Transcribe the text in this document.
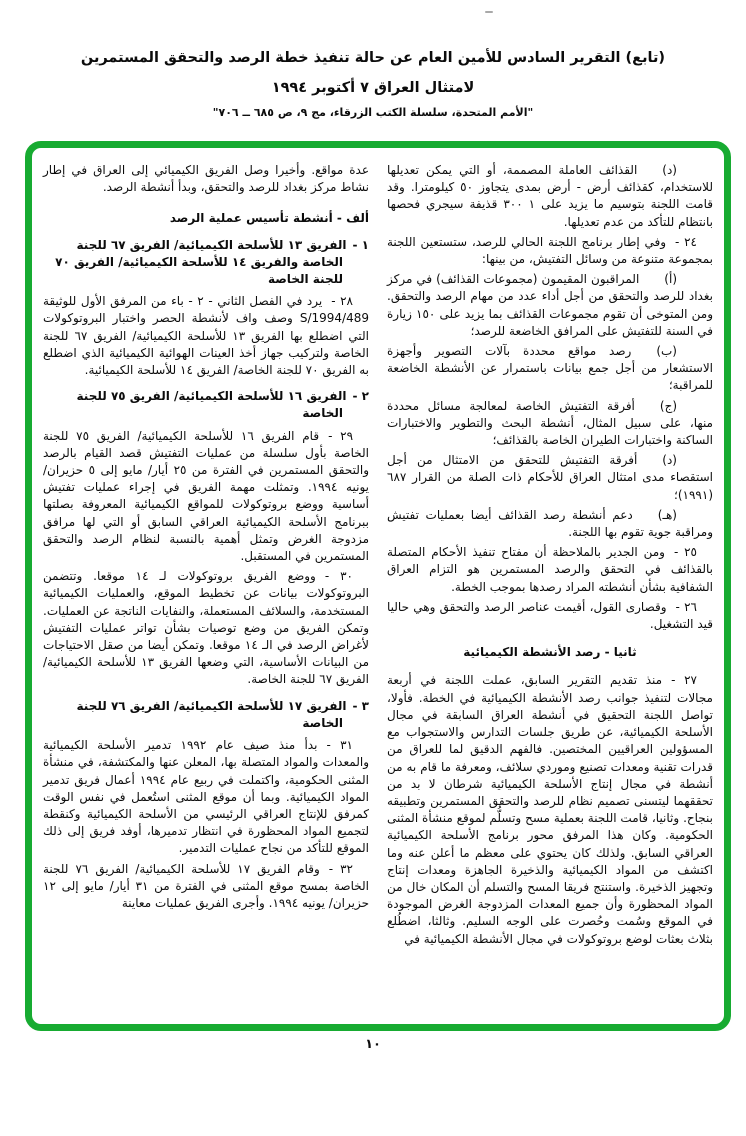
(تابع) التقرير السادس للأمين العام عن حالة تنفيذ خطة الرصد والتحقق المستمرين
لامتثال العراق ٧ أكتوبر ١٩٩٤
"الأمم المتحدة، سلسلة الكتب الزرقاء، مج ٩، ص ٦٨٥ ــ ٧٠٦"
(د)القذائف العاملة المصممة، أو التي يمكن تعديلها للاستخدام، كقذائف أرض - أرض بمدى يتجاوز ٥٠ كيلومترا. وقد قامت اللجنة بتوسيم ما يزيد على ١ ٣٠٠ قذيفة سيجري فحصها بانتظام للتأكد من عدم تعديلها.
٢٤ -وفي إطار برنامج اللجنة الحالي للرصد، ستستعين اللجنة بمجموعة متنوعة من وسائل التفتيش، من بينها:
(أ)المراقبون المقيمون (مجموعات القذائف) في مركز بغداد للرصد والتحقق من أجل أداء عدد من مهام الرصد والتحقق. ومن المتوخى أن تقوم مجموعات القذائف بما يزيد على ١٥٠ زيارة في السنة للتفتيش على المرافق الخاضعة للرصد؛
(ب)رصد مواقع محددة بآلات التصوير وأجهزة الاستشعار من أجل جمع بيانات باستمرار عن الأنشطة الخاضعة للمراقبة؛
(ج)أفرقة التفتيش الخاصة لمعالجة مسائل محددة منها، على سبيل المثال، أنشطة البحث والتطوير والاختبارات الساكنة واختبارات الطيران الخاصة بالقذائف؛
(د)أفرقة التفتيش للتحقق من الامتثال من أجل استقصاء مدى امتثال العراق للأحكام ذات الصلة من القرار ٦٨٧ (١٩٩١)؛
(هـ)دعم أنشطة رصد القذائف أيضا بعمليات تفتيش ومراقبة جوية تقوم بها اللجنة.
٢٥ -ومن الجدير بالملاحظة أن مفتاح تنفيذ الأحكام المتصلة بالقذائف في التحقق والرصد المستمرين هو التزام العراق الشفافية بشأن أنشطته المراد رصدها بموجب الخطة.
٢٦ -وقصارى القول، أقيمت عناصر الرصد والتحقق وهي حاليا قيد التشغيل.
ثانيا - رصد الأنشطة الكيميائية
٢٧ -منذ تقديم التقرير السابق، عملت اللجنة في أربعة مجالات لتنفيذ جوانب رصد الأنشطة الكيميائية في الخطة. فأولا، تواصل اللجنة التحقيق في أنشطة العراق السابقة في مجال الأسلحة الكيميائية، عن طريق جلسات التدارس والاستجواب مع المسؤولين العراقيين المختصين. فالفهم الدقيق لما للعراق من قدرات تقنية ومعدات تصنيع وموردي سلائف، ومعرفة ما قام به من أنشطة في مجال إنتاج الأسلحة الكيميائية شرطان لا بد من تحققهما ليتسنى تصميم نظام للرصد والتحقق المستمرين وتطبيقه بنجاح. وثانيا، قامت اللجنة بعملية مسح وتسلُّم لموقع منشأة المثنى الحكومية. وكان هذا المرفق محور برنامج الأسلحة الكيميائية العراقي السابق. ولذلك كان يحتوي على معظم ما أعلن عنه وما اكتشف من المواد الكيميائية والذخيرة الجاهزة ومعدات إنتاج وتجهيز الذخيرة. واستنتج فريقا المسح والتسلم أن المكان خال من المواد المحظورة وأن جميع المعدات المزدوجة الغرض الموجودة في الموقع وسُمت وحُصرت على الوجه السليم. وثالثا، اضطُلع بثلاث بعثات لوضع بروتوكولات في مجال الأنشطة الكيميائية في
عدة مواقع. وأخيرا وصل الفريق الكيميائي إلى العراق في إطار نشاط مركز بغداد للرصد والتحقق، وبدأ أنشطة الرصد.
ألف - أنشطة تأسيس عملية الرصد
١ -الفريق ١٣ للأسلحة الكيميائية/ الفريق ٦٧ للجنة الخاصة والفريق ١٤ للأسلحة الكيميائية/ الفريق ٧٠ للجنة الخاصة
٢٨ -يرد في الفصل الثاني - ٢ - باء من المرفق الأول للوثيقة S/1994/489 وصف واف لأنشطة الحصر واختبار البروتوكولات التي اضطلع بها الفريق ١٣ للأسلحة الكيميائية/ الفريق ٦٧ للجنة الخاصة ولتركيب جهاز أخذ العينات الهوائية الكيميائية الذي اضطلع به الفريق ٧٠ للجنة الخاصة/ الفريق ١٤ للأسلحة الكيميائية.
٢ -الفريق ١٦ للأسلحة الكيميائية/ الفريق ٧٥ للجنة الخاصة
٢٩ -قام الفريق ١٦ للأسلحة الكيميائية/ الفريق ٧٥ للجنة الخاصة بأول سلسلة من عمليات التفتيش قصد القيام بالرصد والتحقق المستمرين في الفترة من ٢٥ أيار/ مايو إلى ٥ حزيران/ يونيه ١٩٩٤. وتمثلت مهمة الفريق في إجراء عمليات تفتيش أساسية ووضع بروتوكولات للمواقع الكيميائية المعروفة بصلتها ببرنامج الأسلحة الكيميائية العراقي السابق أو التي لها مرافق مزدوجة الغرض وتمثل أهمية بالنسبة لنظام الرصد والتحقق المستمرين في المستقبل.
٣٠ -ووضع الفريق بروتوكولات لـ ١٤ موقعا. وتتضمن البروتوكولات بيانات عن تخطيط الموقع، والعمليات الكيميائية المستخدمة، والسلائف المستعملة، والنفايات الناتجة عن العمليات. وتمكن الفريق من وضع توصيات بشأن تواتر عمليات التفتيش لأغراض الرصد في الـ ١٤ موقعا. وتمكن أيضا من صقل الاحتياجات من البيانات الأساسية، التي وضعها الفريق ١٣ للأسلحة الكيميائية/ الفريق ٦٧ للجنة الخاصة.
٣ -الفريق ١٧ للأسلحة الكيميائية/ الفريق ٧٦ للجنة الخاصة
٣١ -بدأ منذ صيف عام ١٩٩٢ تدمير الأسلحة الكيميائية والمعدات والمواد المتصلة بها، المعلن عنها والمكتشفة، في منشأة المثنى الحكومية، واكتملت في ربيع عام ١٩٩٤ أعمال فريق تدمير المواد الكيميائية. وبما أن موقع المثنى استُعمل في نفس الوقت كمرفق للإنتاج العراقي الرئيسي من الأسلحة الكيميائية وكنقطة لتجميع المواد المحظورة في انتظار تدميرها، أوفد فريق إلى ذلك الموقع للتأكد من نجاح عمليات التدمير.
٣٢ -وقام الفريق ١٧ للأسلحة الكيميائية/ الفريق ٧٦ للجنة الخاصة بمسح موقع المثنى في الفترة من ٣١ أيار/ مايو إلى ١٢ حزيران/ يونيه ١٩٩٤. وأجرى الفريق عمليات معاينة
١٠
